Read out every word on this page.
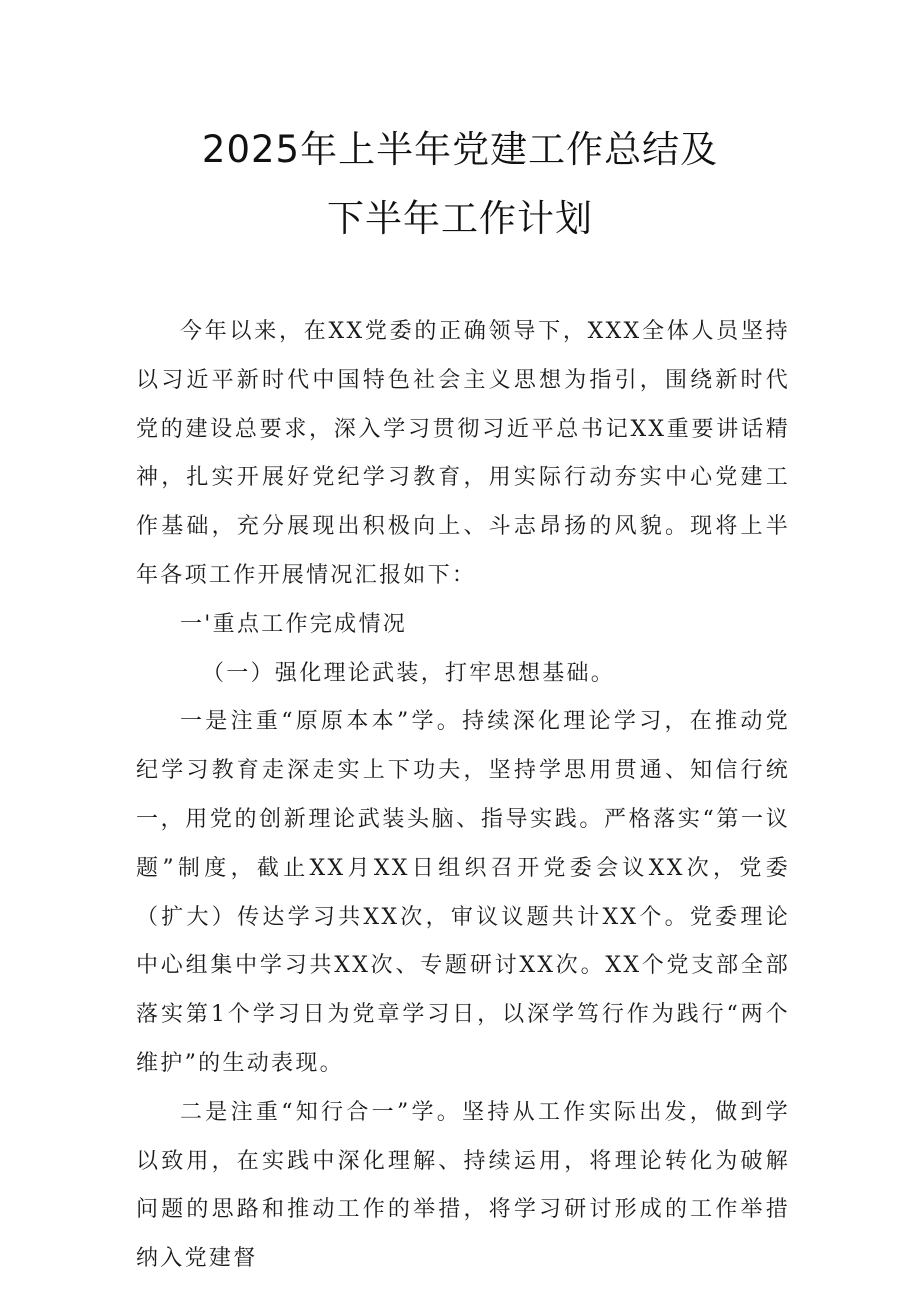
2025年上半年党建工作总结及
下半年工作计划

今年以来，在XX党委的正确领导下，XXX全体人员坚持以习近平新时代中国特色社会主义思想为指引，围绕新时代党的建设总要求，深入学习贯彻习近平总书记XX重要讲话精神，扎实开展好党纪学习教育，用实际行动夯实中心党建工作基础，充分展现出积极向上、斗志昂扬的风貌。现将上半年各项工作开展情况汇报如下：

一'重点工作完成情况

（一）强化理论武装，打牢思想基础。

一是注重“原原本本”学。持续深化理论学习，在推动党纪学习教育走深走实上下功夫，坚持学思用贯通、知信行统一，用党的创新理论武装头脑、指导实践。严格落实“第一议题”制度，截止XX月XX日组织召开党委会议XX次，党委（扩大）传达学习共XX次，审议议题共计XX个。党委理论中心组集中学习共XX次、专题研讨XX次。XX个党支部全部落实第1个学习日为党章学习日，以深学笃行作为践行“两个维护”的生动表现。

二是注重“知行合一”学。坚持从工作实际出发，做到学以致用，在实践中深化理解、持续运用，将理论转化为破解问题的思路和推动工作的举措，将学习研讨形成的工作举措纳入党建督
